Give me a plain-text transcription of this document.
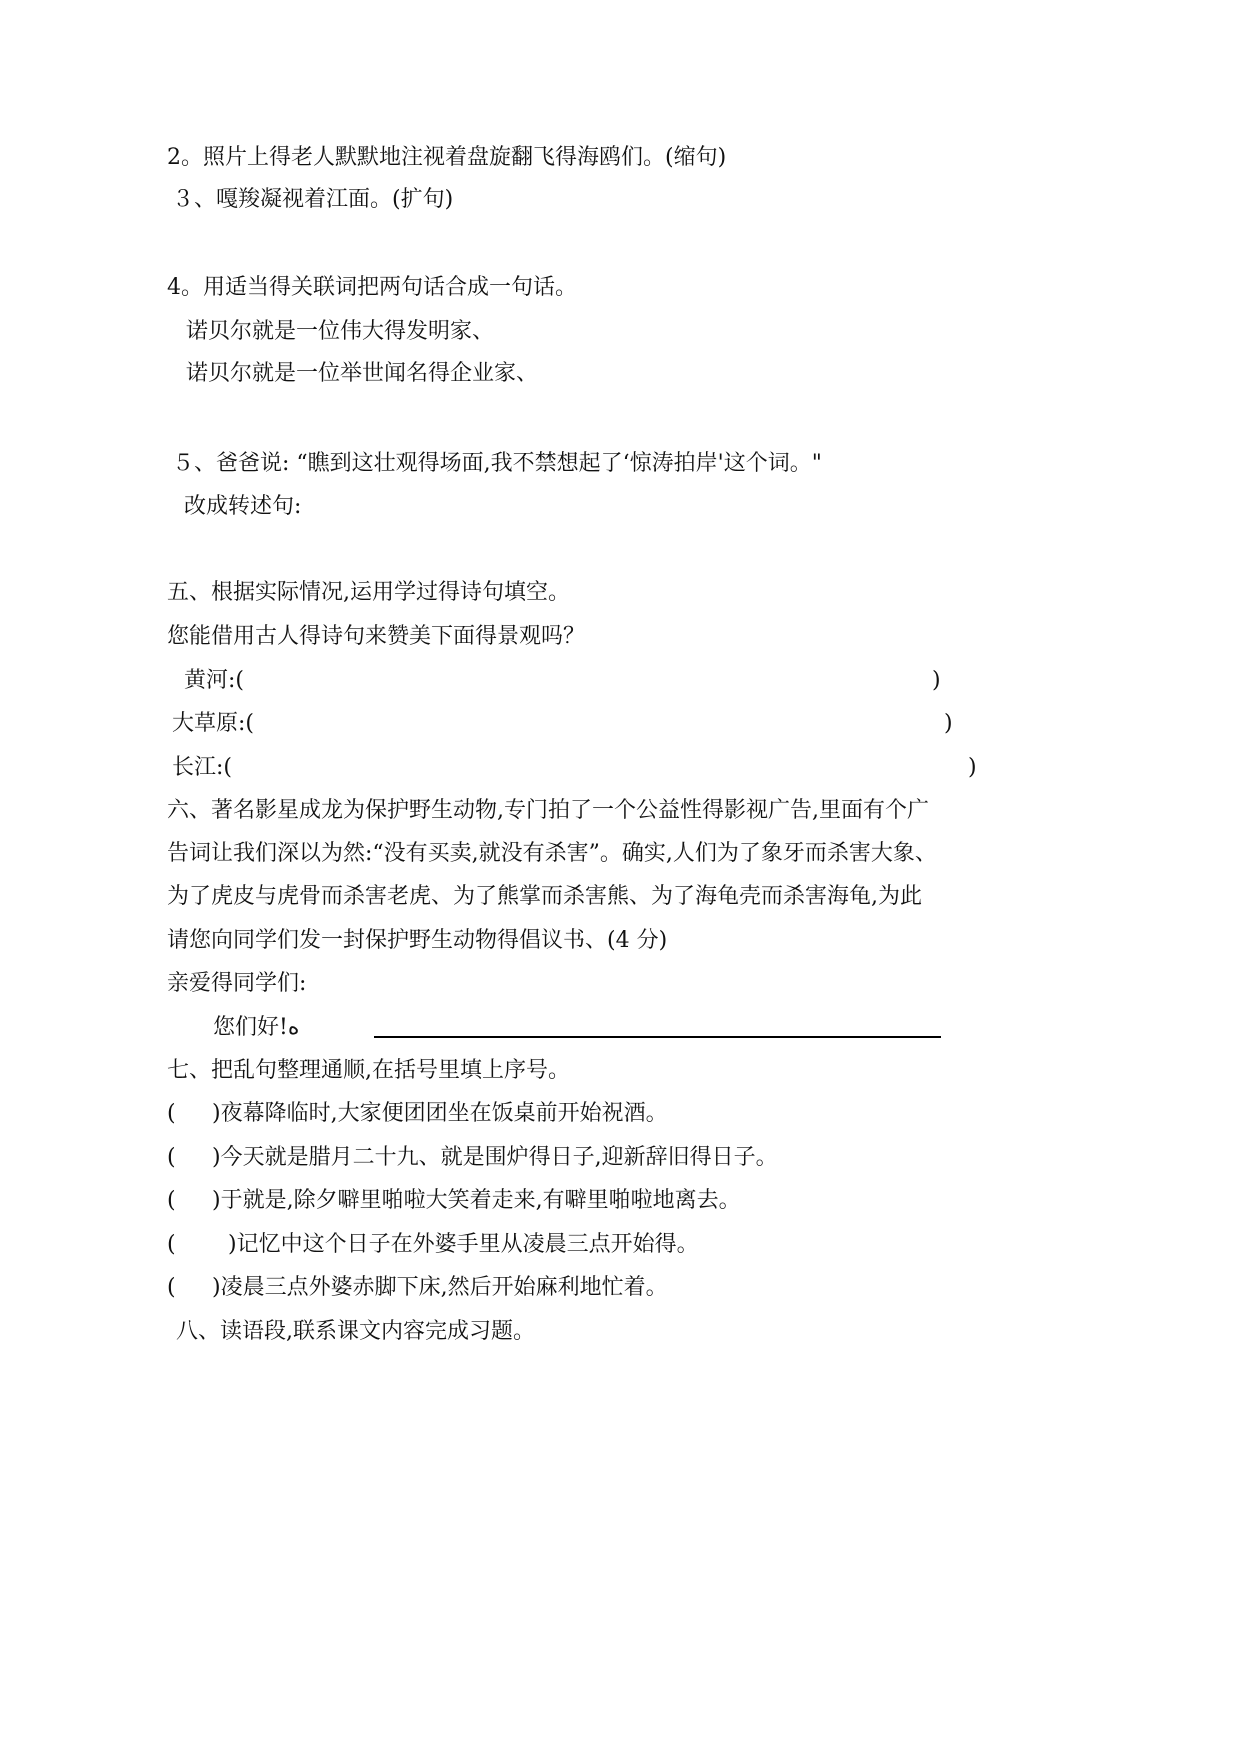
2。照片上得老人默默地注视着盘旋翻飞得海鸥们。(缩句)
３、嘎羧凝视着江面。(扩句)
4。用适当得关联词把两句话合成一句话。
诺贝尔就是一位伟大得发明家、
诺贝尔就是一位举世闻名得企业家、
５、爸爸说: “瞧到这壮观得场面,我不禁想起了‘惊涛拍岸'这个词。"
改成转述句:
五、根据实际情况,运用学过得诗句填空。
您能借用古人得诗句来赞美下面得景观吗？
黄河:(	)
大草原:(	)
长江:(	)
六、著名影星成龙为保护野生动物,专门拍了一个公益性得影视广告,里面有个广
告词让我们深以为然:“没有买卖,就没有杀害”。确实,人们为了象牙而杀害大象、
为了虎皮与虎骨而杀害老虎、为了熊掌而杀害熊、为了海龟壳而杀害海龟,为此
请您向同学们发一封保护野生动物得倡议书、(4 分)
亲爱得同学们:
您们好!ﻩ
七、把乱句整理通顺,在括号里填上序号。
( )夜幕降临时,大家便团团坐在饭桌前开始祝酒。
( )今天就是腊月二十九、就是围炉得日子,迎新辞旧得日子。
( )于就是,除夕噼里啪啦大笑着走来,有噼里啪啦地离去。
( )记忆中这个日子在外婆手里从凌晨三点开始得。
( )凌晨三点外婆赤脚下床,然后开始麻利地忙着。
八、读语段,联系课文内容完成习题。
